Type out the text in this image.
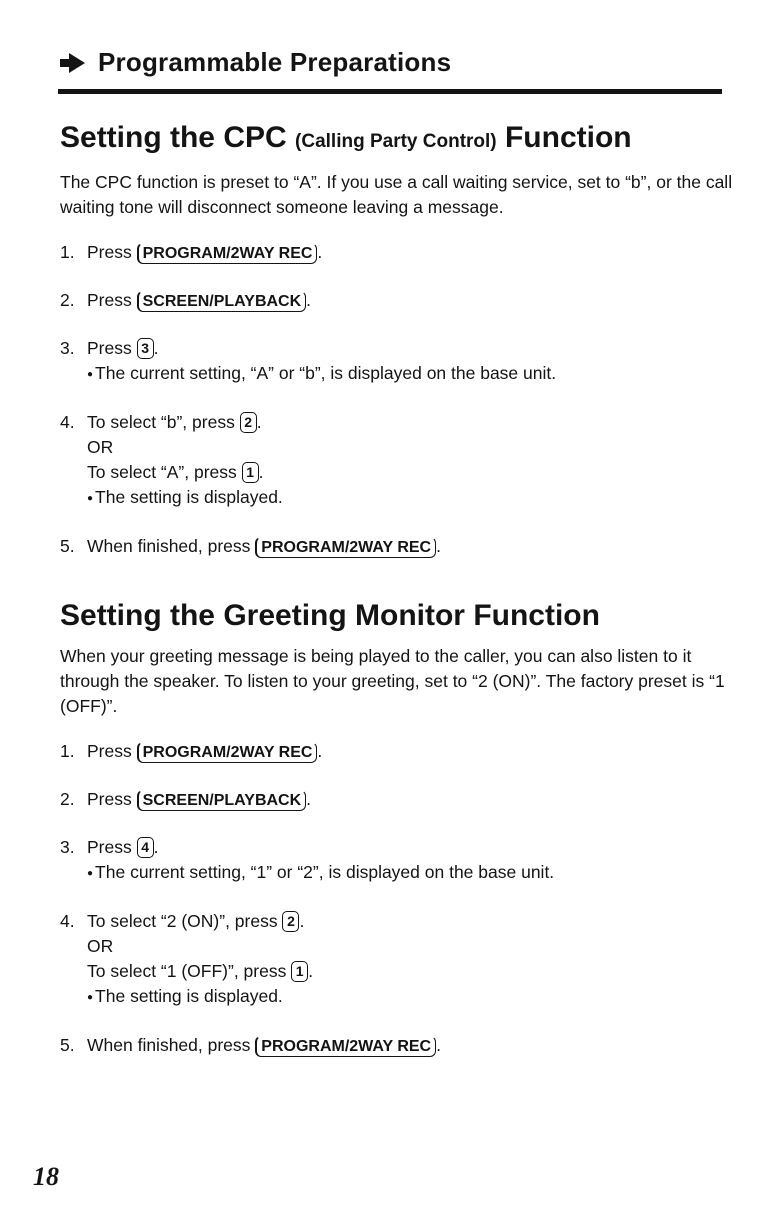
Programmable Preparations
Setting the CPC (Calling Party Control) Function

The CPC function is preset to “A”. If you use a call waiting service, set to “b”, or the call waiting tone will disconnect someone leaving a message.

1. Press PROGRAM/2WAY REC .
2. Press SCREEN/PLAYBACK .
3. Press 3 .
● The current setting, “A” or “b”, is displayed on the base unit.
4. To select “b”, press 2 .
OR
To select “A”, press 1 .
● The setting is displayed.
5. When finished, press PROGRAM/2WAY REC .
Setting the Greeting Monitor Function

When your greeting message is being played to the caller, you can also listen to it through the speaker. To listen to your greeting, set to “2 (ON)”. The factory preset is “1 (OFF)”.

1. Press PROGRAM/2WAY REC .
2. Press SCREEN/PLAYBACK .
3. Press 4 .
● The current setting, “1” or “2”, is displayed on the base unit.
4. To select “2 (ON)”, press 2 .
OR
To select “1 (OFF)”, press 1 .
● The setting is displayed.
5. When finished, press PROGRAM/2WAY REC .
18
